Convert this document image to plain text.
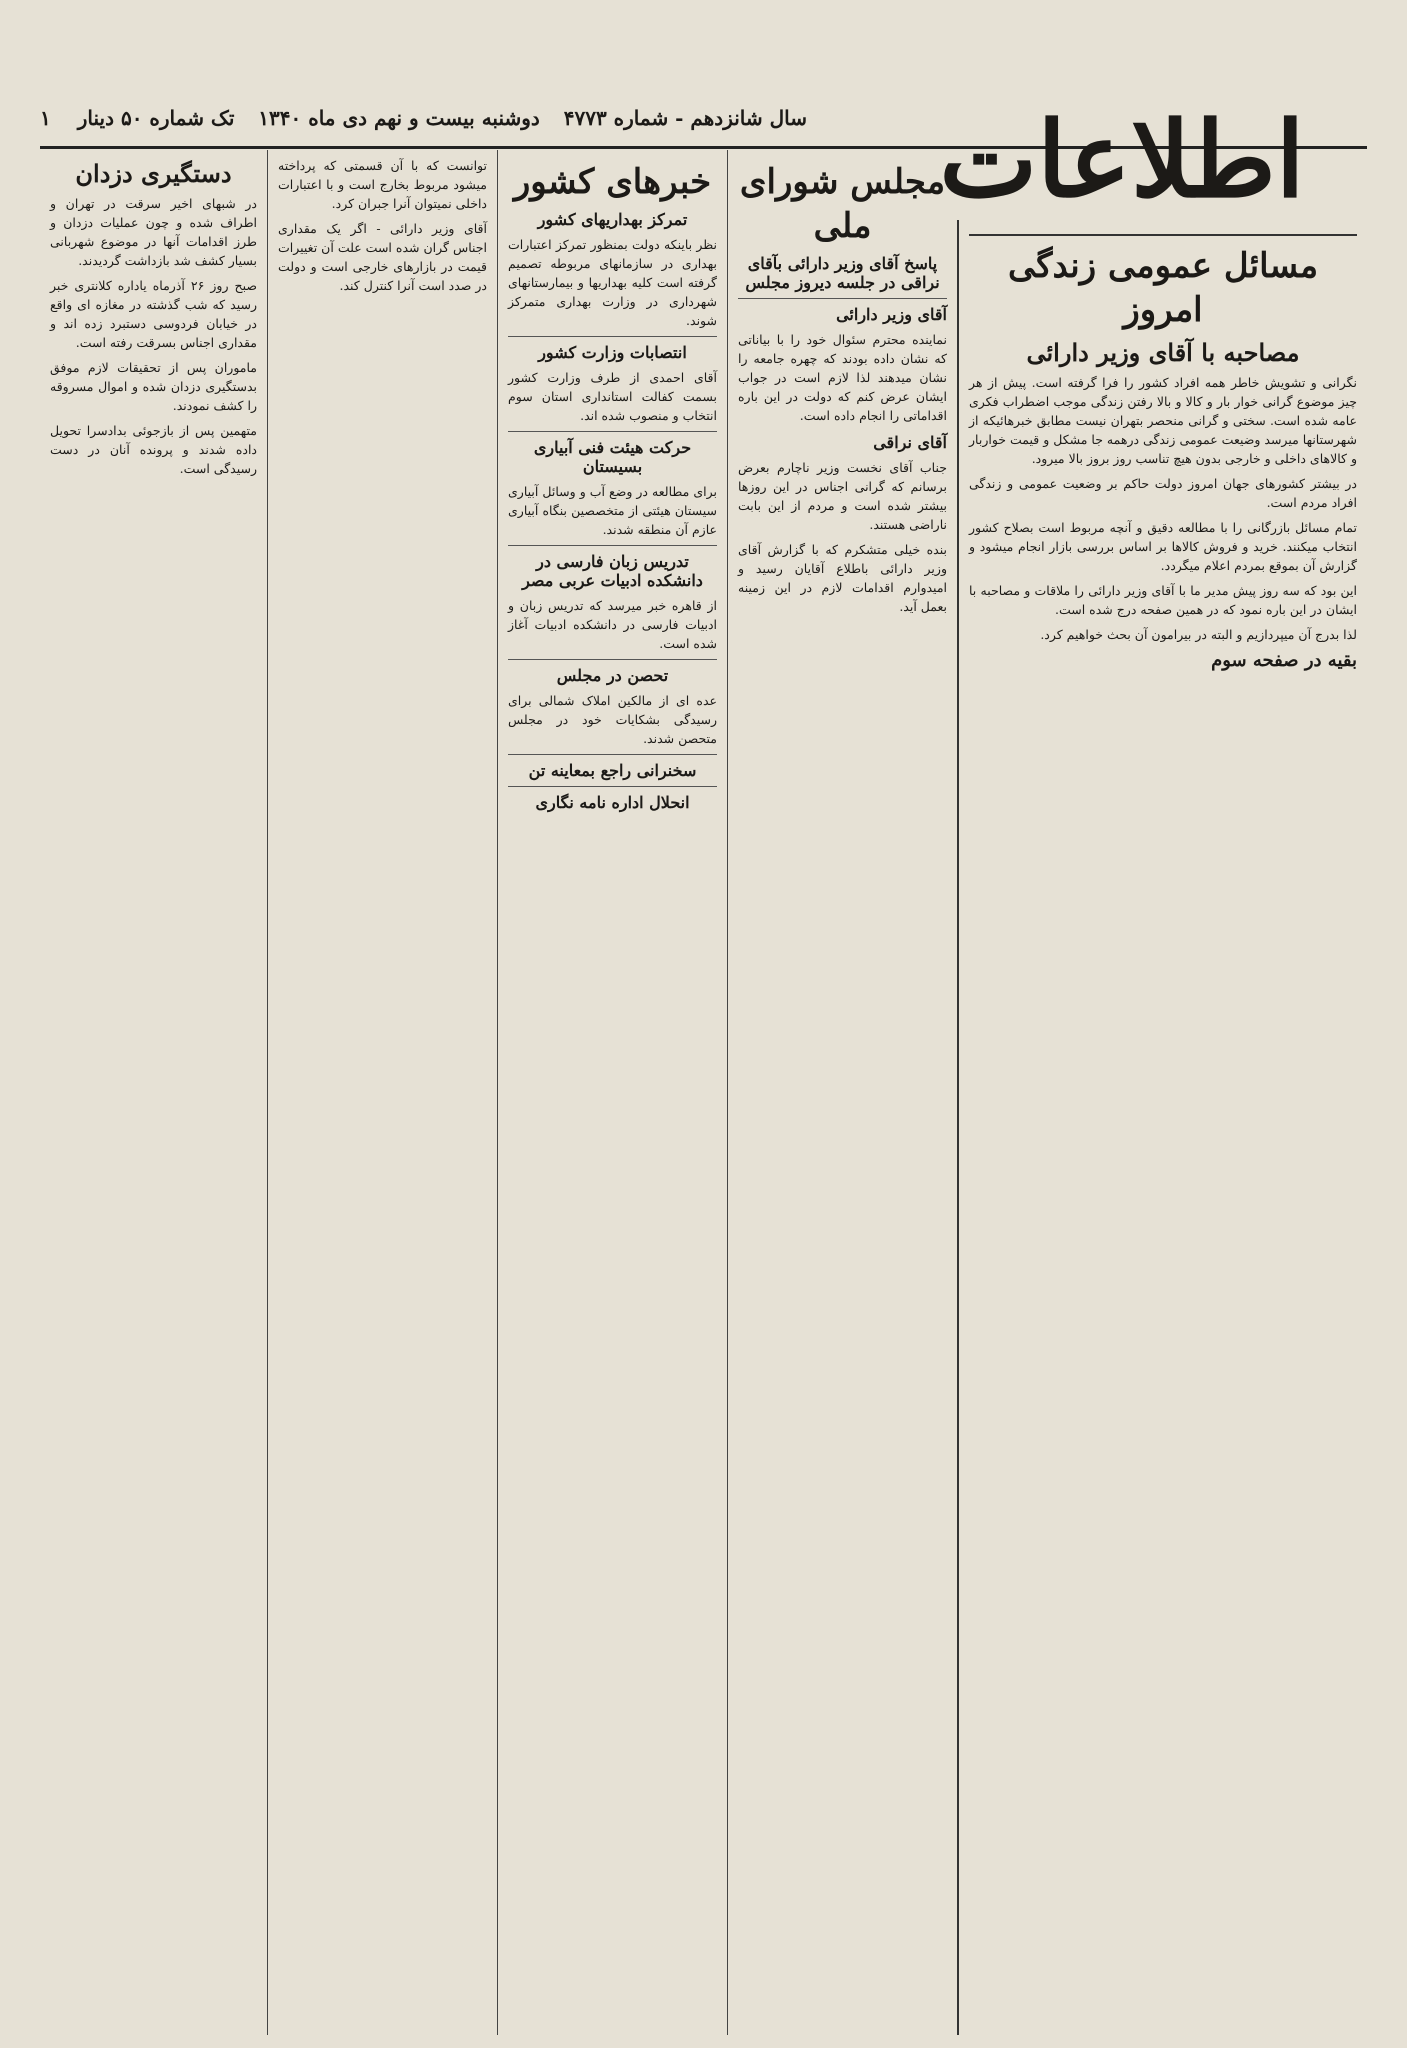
سال شانزدهم - شماره ۴۷۷۳
دوشنبه بیست و نهم دی ماه ۱۳۴۰
تک شماره ۵۰ دینار ۱	اطلاعات
مسائل عمومی زندگی امروز
مصاحبه با آقای وزیر دارائی
نگرانی و تشویش خاطر همه افراد کشور را فرا گرفته است. پیش از هر چیز موضوع گرانی خوار بار و کالا و بالا رفتن زندگی موجب اضطراب فکری عامه شده است. سختی و گرانی منحصر بتهران نیست مطابق خبرهائیکه از شهرستانها میرسد وضیعت عمومی زندگی درهمه جا مشکل و قیمت خواربار و کالاهای داخلی و خارجی بدون هیچ تناسب روز بروز بالا میرود.
در بیشتر کشورهای جهان امروز دولت حاکم بر وضعیت عمومی و زندگی افراد مردم است.
تمام مسائل بازرگانی را با مطالعه دقیق و آنچه مربوط است بصلاح کشور انتخاب میکنند. خرید و فروش کالاها بر اساس بررسی بازار انجام میشود و گزارش آن بموقع بمردم اعلام میگردد.
این بود که سه روز پیش مدیر ما با آقای وزیر دارائی را ملاقات و مصاحبه با ایشان در این باره نمود که در همین صفحه درج شده است.
لذا بدرج آن میپردازیم و البته در بیرامون آن بحث خواهیم کرد.
بقیه در صفحه سوم
مجلس شورای ملی
پاسخ آقای وزیر دارائی بآقای نراقی در جلسه دیروز مجلس
آقای وزیر دارائی
نماینده محترم سئوال خود را با بیاناتی که نشان داده بودند که چهره جامعه را نشان میدهند لذا لازم است در جواب ایشان عرض کنم که دولت در این باره اقداماتی را انجام داده است.
آقای نراقی
جناب آقای نخست وزیر ناچارم بعرض برسانم که گرانی اجناس در این روزها بیشتر شده است و مردم از این بابت ناراضی هستند.
بنده خیلی متشکرم که با گزارش آقای وزیر دارائی باطلاع آقایان رسید و امیدوارم اقدامات لازم در این زمینه بعمل آید.
خبرهای کشور
تمرکز بهداریهای کشور
نظر باینکه دولت بمنظور تمرکز اعتبارات بهداری در سازمانهای مربوطه تصمیم گرفته است کلیه بهداریها و بیمارستانهای شهرداری در وزارت بهداری متمرکز شوند.
انتصابات وزارت کشور
آقای احمدی از طرف وزارت کشور بسمت کفالت استانداری استان سوم انتخاب و منصوب شده اند.
حرکت هیئت فنی آبیاری بسیستان
برای مطالعه در وضع آب و وسائل آبیاری سیستان هیئتی از متخصصین بنگاه آبیاری عازم آن منطقه شدند.
تدریس زبان فارسی در دانشکده ادبیات عربی مصر
از قاهره خبر میرسد که تدریس زبان و ادبیات فارسی در دانشکده ادبیات آغاز شده است.
تحصن در مجلس
عده ای از مالکین املاک شمالی برای رسیدگی بشکایات خود در مجلس متحصن شدند.
سخنرانی راجع بمعاینه تن
انحلال اداره نامه نگاری
توانست که با آن قسمتی که پرداخته میشود مربوط بخارج است و با اعتبارات داخلی نمیتوان آنرا جبران کرد.
آقای وزیر دارائی - اگر یک مقداری اجناس گران شده است علت آن تغییرات قیمت در بازارهای خارجی است و دولت در صدد است آنرا کنترل کند.
دستگیری دزدان
در شبهای اخیر سرقت در تهران و اطراف شده و چون عملیات دزدان و طرز اقدامات آنها در موضوع شهربانی بسیار کشف شد بازداشت گردیدند.
صبح روز ۲۶ آذرماه یاداره کلانتری خبر رسید که شب گذشته در مغازه ای واقع در خیابان فردوسی دستبرد زده اند و مقداری اجناس بسرقت رفته است.
ماموران پس از تحقیقات لازم موفق بدستگیری دزدان شده و اموال مسروقه را کشف نمودند.
متهمین پس از بازجوئی بدادسرا تحویل داده شدند و پرونده آنان در دست رسیدگی است.
